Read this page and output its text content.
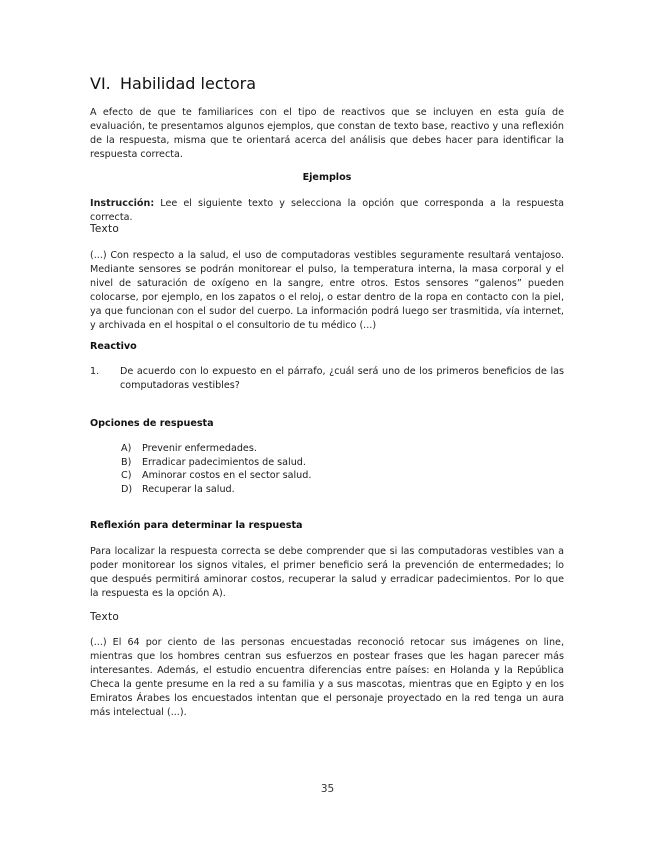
VI. Habilidad lectora

A efecto de que te familiarices con el tipo de reactivos que se incluyen en esta guía de evaluación, te presentamos algunos ejemplos, que constan de texto base, reactivo y una reflexión de la respuesta, misma que te orientará acerca del análisis que debes hacer para identificar la respuesta correcta.

Ejemplos

Instrucción: Lee el siguiente texto y selecciona la opción que corresponda a la respuesta correcta.

Texto

(...) Con respecto a la salud, el uso de computadoras vestibles seguramente resultará ventajoso. Mediante sensores se podrán monitorear el pulso, la temperatura interna, la masa corporal y el nivel de saturación de oxígeno en la sangre, entre otros. Estos sensores “galenos” pueden colocarse, por ejemplo, en los zapatos o el reloj, o estar dentro de la ropa en contacto con la piel, ya que funcionan con el sudor del cuerpo. La información podrá luego ser trasmitida, vía internet, y archivada en el hospital o el consultorio de tu médico (...)

Reactivo

1. De acuerdo con lo expuesto en el párrafo, ¿cuál será uno de los primeros beneficios de las computadoras vestibles?

Opciones de respuesta

A)	Prevenir enfermedades.
B)	Erradicar padecimientos de salud.
C)	Aminorar costos en el sector salud.
D)	Recuperar la salud.

Reflexión para determinar la respuesta

Para localizar la respuesta correcta se debe comprender que si las computadoras vestibles van a poder monitorear los signos vitales, el primer beneficio será la prevención de entermedades; lo que después permitirá aminorar costos, recuperar la salud y erradicar padecimientos. Por lo que la respuesta es la opción A).

Texto

(...) El 64 por ciento de las personas encuestadas reconoció retocar sus imágenes on line, mientras que los hombres centran sus esfuerzos en postear frases que les hagan parecer más interesantes. Además, el estudio encuentra diferencias entre países: en Holanda y la República Checa la gente presume en la red a su familia y a sus mascotas, mientras que en Egipto y en los Emiratos Árabes los encuestados intentan que el personaje proyectado en la red tenga un aura más intelectual (...).

35
